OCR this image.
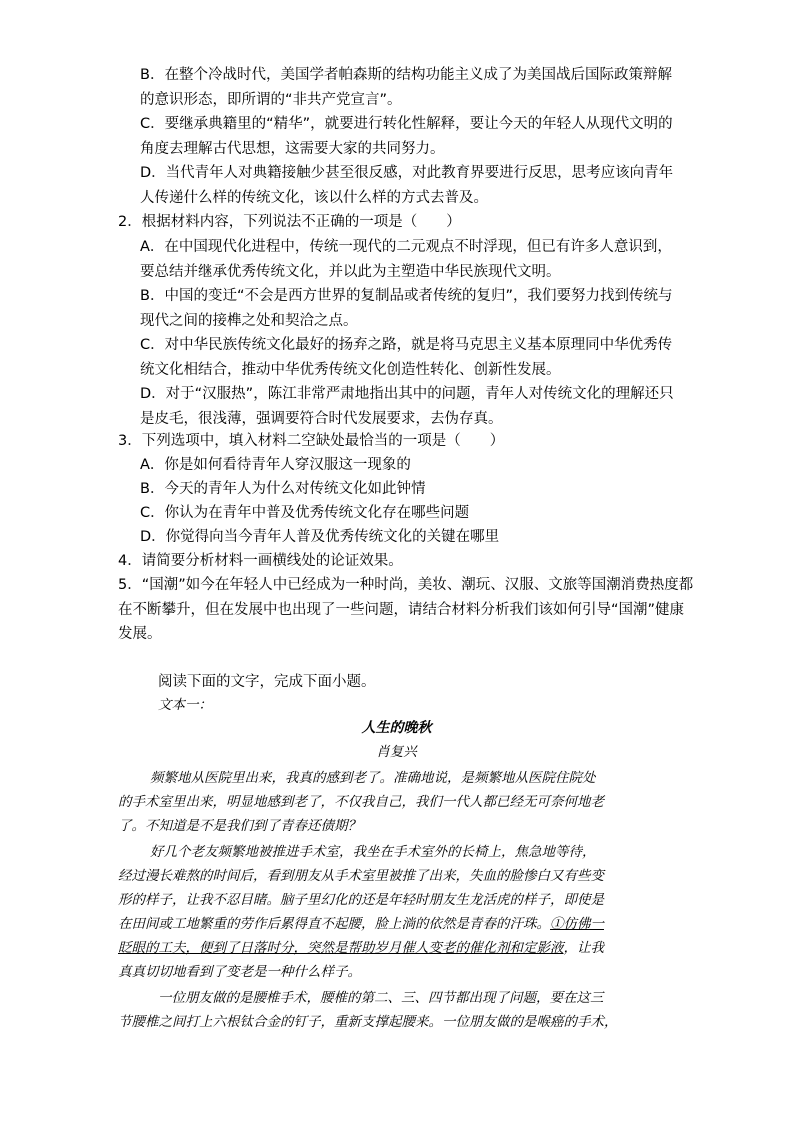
B．在整个冷战时代，美国学者帕森斯的结构功能主义成了为美国战后国际政策辩解的意识形态，即所谓的“非共产党宣言”。
C．要继承典籍里的“精华”，就要进行转化性解释，要让今天的年轻人从现代文明的角度去理解古代思想，这需要大家的共同努力。
D．当代青年人对典籍接触少甚至很反感，对此教育界要进行反思，思考应该向青年人传递什么样的传统文化，该以什么样的方式去普及。
2．根据材料内容，下列说法不正确的一项是（　　）
A．在中国现代化进程中，传统一现代的二元观点不时浮现，但已有许多人意识到，要总结并继承优秀传统文化，并以此为主塑造中华民族现代文明。
B．中国的变迁“不会是西方世界的复制品或者传统的复归”，我们要努力找到传统与现代之间的接榫之处和契洽之点。
C．对中华民族传统文化最好的扬弃之路，就是将马克思主义基本原理同中华优秀传统文化相结合，推动中华优秀传统文化创造性转化、创新性发展。
D．对于“汉服热”，陈江非常严肃地指出其中的问题，青年人对传统文化的理解还只是皮毛，很浅薄，强调要符合时代发展要求，去伪存真。
3．下列选项中，填入材料二空缺处最恰当的一项是（　　）
A．你是如何看待青年人穿汉服这一现象的
B．今天的青年人为什么对传统文化如此钟情
C．你认为在青年中普及优秀传统文化存在哪些问题
D．你觉得向当今青年人普及优秀传统文化的关键在哪里
4．请简要分析材料一画横线处的论证效果。
5．“国潮”如今在年轻人中已经成为一种时尚，美妆、潮玩、汉服、文旅等国潮消费热度都在不断攀升，但在发展中也出现了一些问题，请结合材料分析我们该如何引导“国潮”健康发展。
阅读下面的文字，完成下面小题。
文本一：
人生的晚秋
肖复兴
频繁地从医院里出来，我真的感到老了。准确地说，是频繁地从医院住院处
的手术室里出来，明显地感到老了，不仅我自己，我们一代人都已经无可奈何地老
了。不知道是不是我们到了青春还债期？
好几个老友频繁地被推进手术室，我坐在手术室外的长椅上，焦急地等待，
经过漫长难熬的时间后，看到朋友从手术室里被推了出来，失血的脸惨白又有些变
形的样子，让我不忍目睹。脑子里幻化的还是年轻时朋友生龙活虎的样子，即使是
在田间或工地繁重的劳作后累得直不起腰，脸上淌的依然是青春的汗珠。①仿佛一
眨眼的工夫，便到了日落时分，突然是帮助岁月催人变老的催化剂和定影液，让我
真真切切地看到了变老是一种什么样子。
一位朋友做的是腰椎手术，腰椎的第二、三、四节都出现了问题，要在这三
节腰椎之间打上六根钛合金的钉子，重新支撑起腰来。一位朋友做的是喉癌的手术，
